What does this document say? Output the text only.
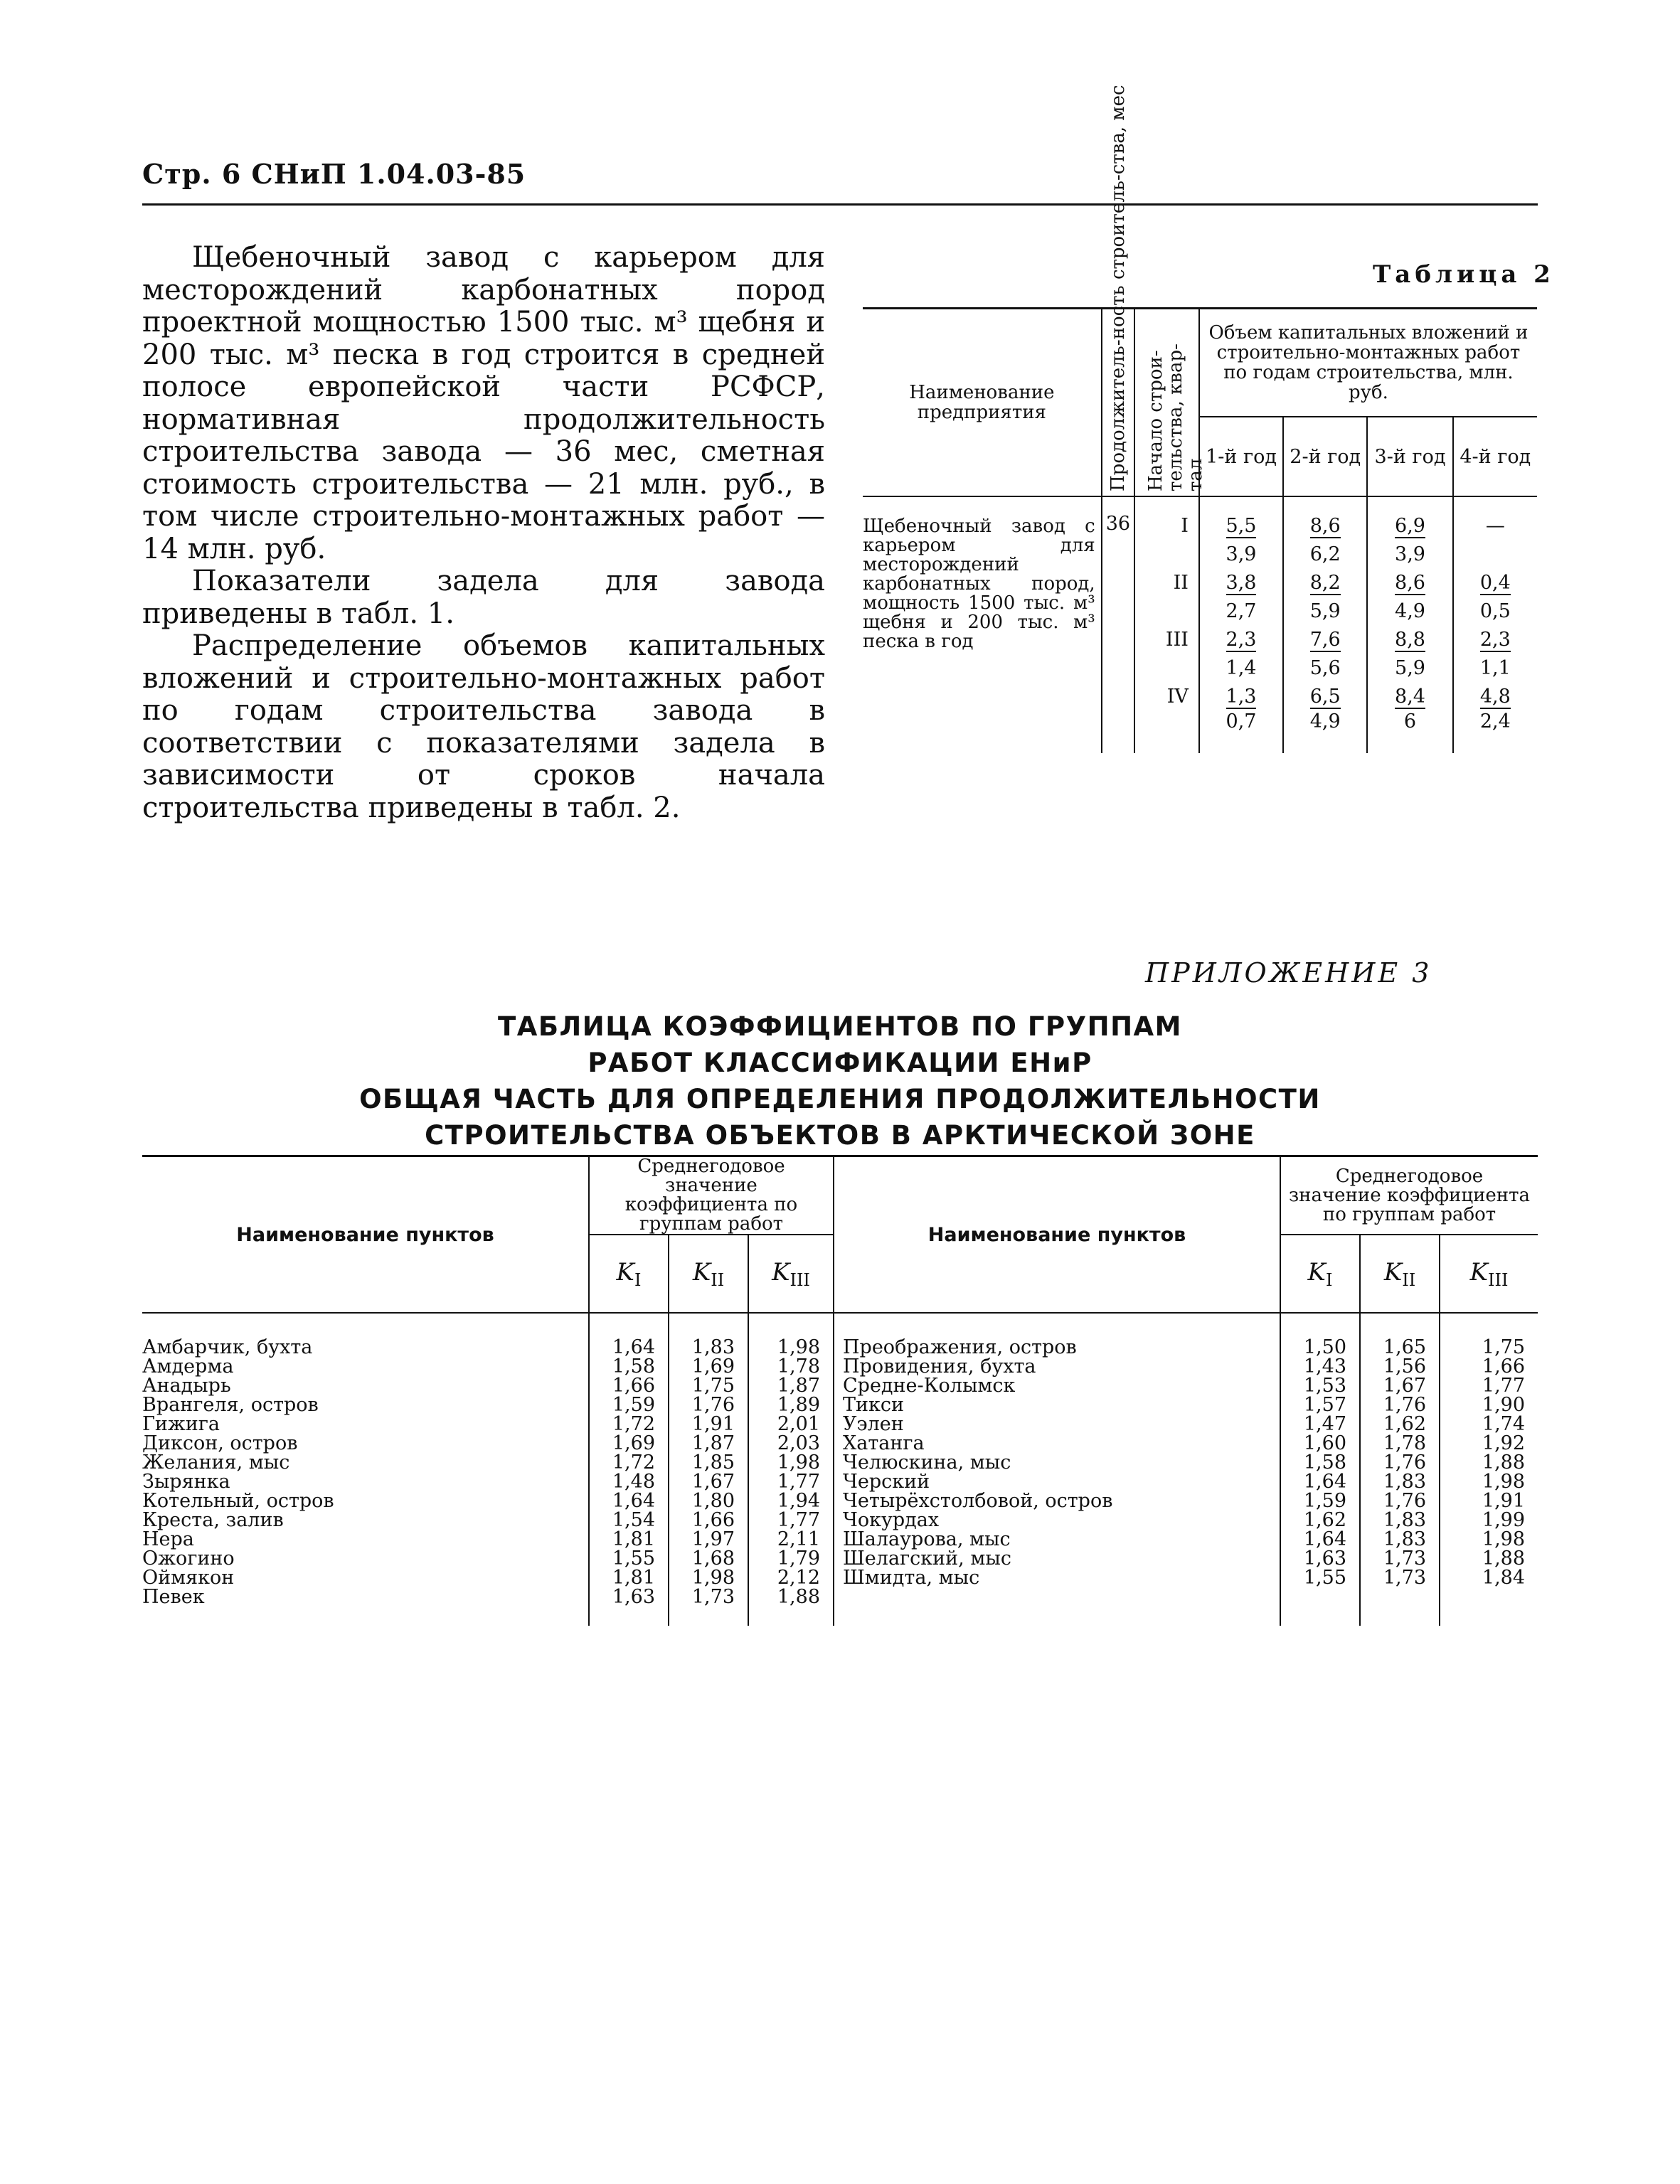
Стр. 6 СНиП 1.04.03-85

Щебеночный завод с карьером для месторождений карбонатных пород проектной мощностью 1500 тыс. м³ щебня и 200 тыс. м³ песка в год строится в средней полосе европейской части РСФСР, нормативная продолжительность строительства завода — 36 мес, сметная стоимость строительства — 21 млн. руб., в том числе строительно-монтажных работ — 14 млн. руб.

Показатели задела для завода приведены в табл. 1.

Распределение объемов капитальных вложений и строительно-монтажных работ по годам строительства завода в соответствии с показателями задела в зависимости от сроков начала строительства приведены в табл. 2.

Таблица 2
Наименование предприятия	Продолжитель-ность строитель-ства, мес	Начало строи-тельства, квар-тал	Объем капитальных вложений и строительно-монтажных работ по годам строительства, млн. руб.			
			1-й год	2-й год	3-й год	4-й год
Щебеночный завод с карьером для месторождений карбонатных пород, мощность 1500 тыс. м³ щебня и 200 тыс. м³ песка в год	36	I	5,5	8,6	6,9	—
			3,9	6,2	3,9	
		II	3,8	8,2	8,6	0,4
			2,7	5,9	4,9	0,5
		III	2,3	7,6	8,8	2,3
			1,4	5,6	5,9	1,1
		IV	1,3	6,5	8,4	4,8
			0,7	4,9	6	2,4
ПРИЛОЖЕНИЕ 3
ТАБЛИЦА КОЭФФИЦИЕНТОВ ПО ГРУППАМ
РАБОТ КЛАССИФИКАЦИИ ЕНиР
ОБЩАЯ ЧАСТЬ ДЛЯ ОПРЕДЕЛЕНИЯ ПРОДОЛЖИТЕЛЬНОСТИ
СТРОИТЕЛЬСТВА ОБЪЕКТОВ В АРКТИЧЕСКОЙ ЗОНЕ
Наименование пунктов	Среднегодовое значение коэффициента по группам работ			Наименование пунктов	Среднегодовое значение коэффициента по группам работ		
	$K_I$	$K_{II}$	$K_{III}$		$K_I$	$K_{II}$	$K_{III}$

Амбарчик, бухта	1,64	1,83	1,98	Преображения, остров	1,50	1,65	1,75
Амдерма	1,58	1,69	1,78	Провидения, бухта	1,43	1,56	1,66
Анадырь	1,66	1,75	1,87	Средне-Колымск	1,53	1,67	1,77
Врангеля, остров	1,59	1,76	1,89	Тикси	1,57	1,76	1,90
Гижига	1,72	1,91	2,01	Уэлен	1,47	1,62	1,74
Диксон, остров	1,69	1,87	2,03	Хатанга	1,60	1,78	1,92
Желания, мыс	1,72	1,85	1,98	Челюскина, мыс	1,58	1,76	1,88
Зырянка	1,48	1,67	1,77	Черский	1,64	1,83	1,98
Котельный, остров	1,64	1,80	1,94	Четырёхстолбовой, остров	1,59	1,76	1,91
Креста, залив	1,54	1,66	1,77	Чокурдах	1,62	1,83	1,99
Нера	1,81	1,97	2,11	Шалаурова, мыс	1,64	1,83	1,98
Ожогино	1,55	1,68	1,79	Шелагский, мыс	1,63	1,73	1,88
Оймякон	1,81	1,98	2,12	Шмидта, мыс	1,55	1,73	1,84
Певек	1,63	1,73	1,88				
